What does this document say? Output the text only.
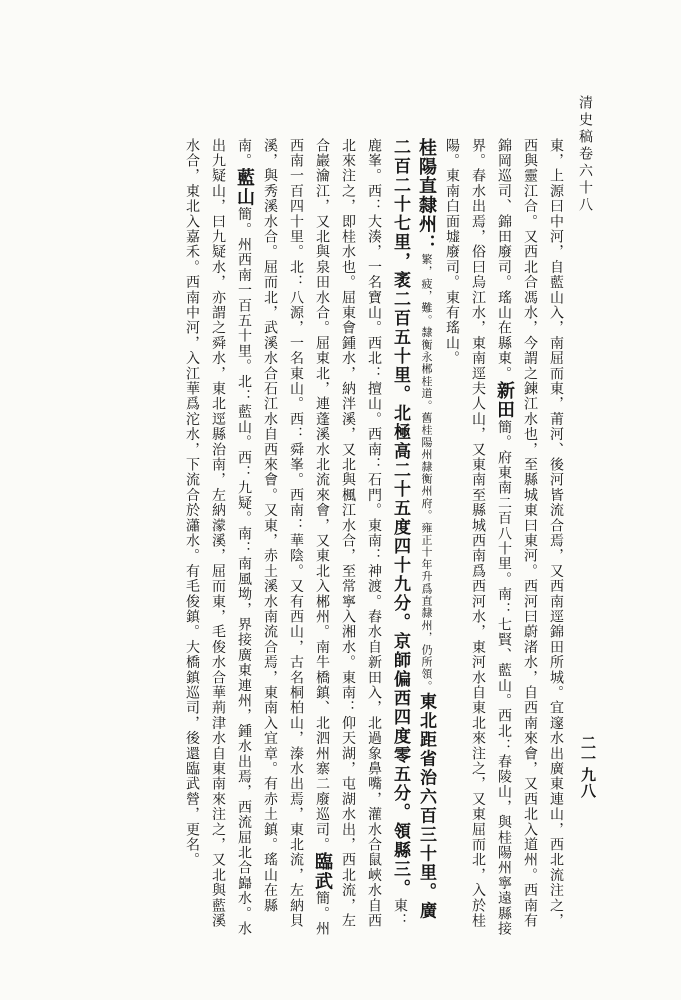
清史稿卷六十八
二一九八

東，上源曰中河，自藍山入，南屈而東，莆河、後河皆流合焉，又西南逕錦田所城。宜邃水出廣東連山，西北流注之，西與靈江合。又西北合馮水，今謂之鍊江水也，至縣城東曰東河。西河曰蔚渚水，自西南來會，又西北入道州。西南有錦岡巡司、錦田廢司。瑤山在縣東。新田簡。府東南二百八十里。南：七賢、藍山。西北：春陵山，與桂陽州寧遠縣接界。春水出焉，俗曰烏江水，東南逕夫人山，又東南至縣城西南爲西河水，東河水自東北來注之，又東屈而北，入於桂陽。東南白面墟廢司。東有瑤山。

桂陽直隸州：繁，疲，難。隸衡永郴桂道。舊桂陽州隸衡州府。雍正十年升爲直隸州，仍所領。東北距省治六百三十里。廣二百二十七里，袤二百五十里。北極高二十五度四十九分。京師偏西四度零五分。領縣三。東：鹿峯。西：大湊，一名寶山。西北：擅山。西南：石門。東南：神渡。舂水自新田入，北過象鼻嘴，灌水合鼠峽水自西北來注之，即桂水也。屈東會鍾水，納泮溪，又北與楓江水合，至常寧入湘水。東南：仰天湖，屯湖水出，西北流，左合巖瀹江，又北與泉田水合。屈東北，連蓬溪水北流來會，又東北入郴州。南牛橋鎮、北泗州寨二廢巡司。臨武簡。州西南一百四十里。北：八源，一名東山。西：舜峯。西南：華陰。又有西山，古名桐柏山，溱水出焉，東北流，左納貝溪，與秀溪水合。屈而北，武溪水合石江水自西來會。又東，赤土溪水南流合焉，東南入宜章。有赤土鎮。瑤山在縣南。藍山簡。州西南一百五十里。北：藍山。西：九疑。南：南風坳，界接廣東連州，鍾水出焉，西流屈北合巋水。水出九疑山，曰九疑水，亦謂之舜水，東北逕縣治南，左納濛溪，屈而東，毛俊水合華荊津水自東南來注之，又北與藍溪水合，東北入嘉禾。西南中河，入江華爲沱水，下流合於瀟水。有毛俊鎮。大橋鎮巡司，後還臨武營，更名。
